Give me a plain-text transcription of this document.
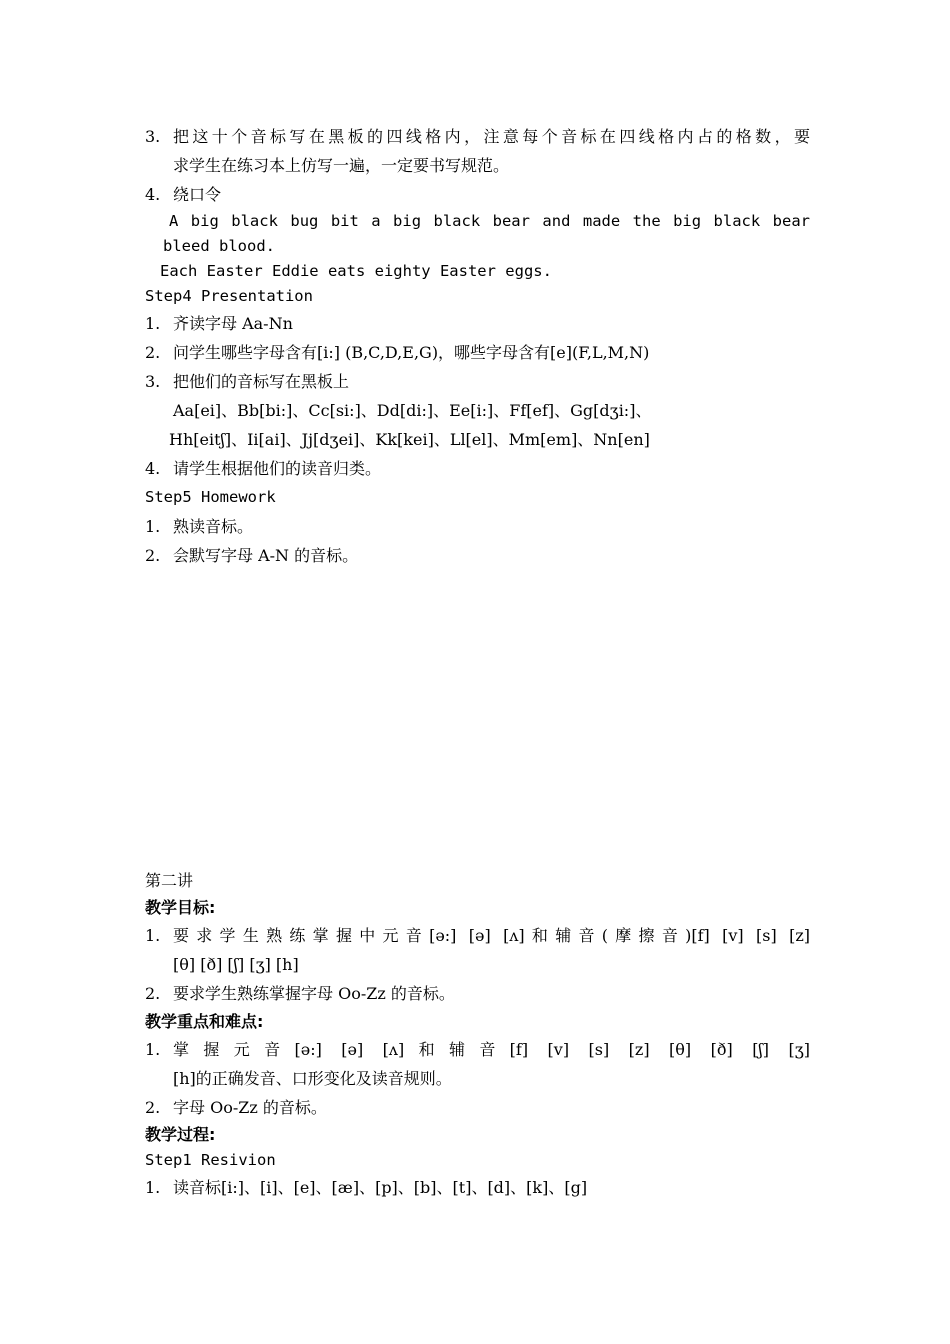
3. 把这十个音标写在黑板的四线格内，注意每个音标在四线格内占的格数，要
求学生在练习本上仿写一遍，一定要书写规范。
4. 绕口令
A big black bug bit a big black bear and made the big black bear
bleed blood.
Each Easter Eddie eats eighty Easter eggs.
Step4 Presentation
1. 齐读字母 Aa-Nn
2. 问学生哪些字母含有[i:] (B,C,D,E,G)，哪些字母含有[e](F,L,M,N)
3. 把他们的音标写在黑板上
Aa[ei]、Bb[bi:]、Cc[si:]、Dd[di:]、Ee[i:]、Ff[ef]、Gg[dʒi:]、
Hh[eitʃ]、Ii[ai]、Jj[dʒei]、Kk[kei]、Ll[el]、Mm[em]、Nn[en]
4. 请学生根据他们的读音归类。
Step5 Homework
1. 熟读音标。
2. 会默写字母 A-N 的音标。
第二讲
教学目标:
1. 要求学生熟练掌握中元音[ə:] [ə] [ʌ]和辅音(摩擦音)[f] [v] [s] [z]
[θ] [ð] [ʃ] [ʒ] [h]
2. 要求学生熟练掌握字母 Oo-Zz 的音标。
教学重点和难点:
1. 掌握元音[ə:] [ə] [ʌ]和辅音[f] [v] [s] [z] [θ] [ð] [ʃ] [ʒ]
[h]的正确发音、口形变化及读音规则。
2. 字母 Oo-Zz 的音标。
教学过程:
Step1 Resivion
1. 读音标[i:]、[i]、[e]、[æ]、[p]、[b]、[t]、[d]、[k]、[g]
